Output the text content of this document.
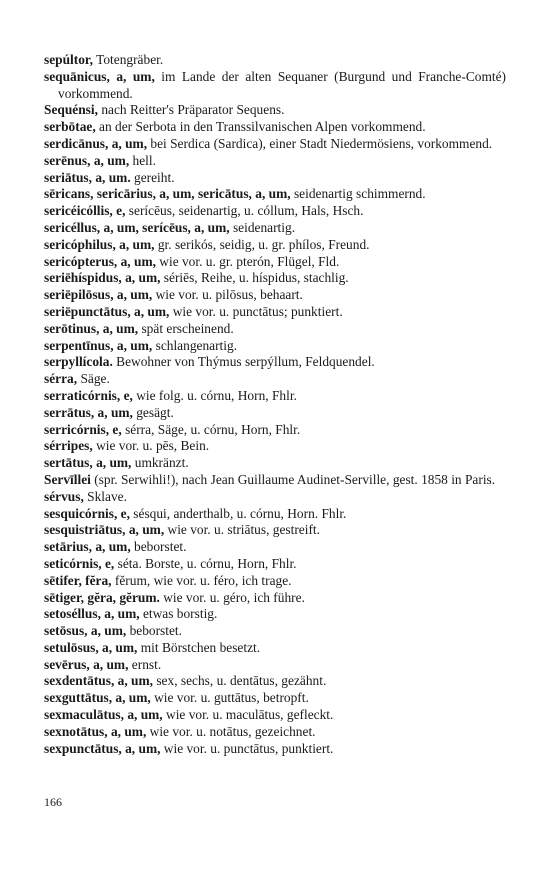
sepúltor, Totengräber.

sequānicus, a, um, im Lande der alten Sequaner (Burgund und Franche-Comté) vorkommend.

Sequénsi, nach Reitter's Präparator Sequens.

serbōtae, an der Serbota in den Transsilvanischen Alpen vorkommend.

serdicānus, a, um, bei Serdica (Sardica), einer Stadt Niedermösiens, vorkommend.

serēnus, a, um, hell.

seriātus, a, um. gereiht.

sēricans, sericārius, a, um, sericātus, a, um, seidenartig schimmernd.

sericéicóllis, e, serícēus, seidenartig, u. cóllum, Hals, Hsch.

sericéllus, a, um, serícēus, a, um, seidenartig.

sericóphilus, a, um, gr. serikós, seidig, u. gr. phílos, Freund.

sericópterus, a, um, wie vor. u. gr. pterón, Flügel, Fld.

seriēhíspidus, a, um, sériēs, Reihe, u. híspidus, stachlig.

seriēpilōsus, a, um, wie vor. u. pilōsus, behaart.

seriēpunctātus, a, um, wie vor. u. punctātus; punktiert.

serōtinus, a, um, spät erscheinend.

serpentīnus, a, um, schlangenartig.

serpyllícola. Bewohner von Thýmus serpýllum, Feldquendel.

sérra, Säge.

serraticórnis, e, wie folg. u. córnu, Horn, Fhlr.

serrātus, a, um, gesägt.

serricórnis, e, sérra, Säge, u. córnu, Horn, Fhlr.

sérripes, wie vor. u. pēs, Bein.

sertātus, a, um, umkränzt.

Servīllei (spr. Serwihli!), nach Jean Guillaume Audinet-Serville, gest. 1858 in Paris.

sérvus, Sklave.

sesquicórnis, e, sésqui, anderthalb, u. córnu, Horn. Fhlr.

sesquistriātus, a, um, wie vor. u. striātus, gestreift.

setārius, a, um, beborstet.

seticórnis, e, séta. Borste, u. córnu, Horn, Fhlr.

sētifer, fĕra, fĕrum, wie vor. u. féro, ich trage.

sētiger, gĕra, gĕrum. wie vor. u. géro, ich führe.

setoséllus, a, um, etwas borstig.

setōsus, a, um, beborstet.

setulōsus, a, um, mit Börstchen besetzt.

sevērus, a, um, ernst.

sexdentātus, a, um, sex, sechs, u. dentātus, gezähnt.

sexguttātus, a, um, wie vor. u. guttātus, betropft.

sexmaculātus, a, um, wie vor. u. maculātus, gefleckt.

sexnotātus, a, um, wie vor. u. notātus, gezeichnet.

sexpunctātus, a, um, wie vor. u. punctātus, punktiert.

166
